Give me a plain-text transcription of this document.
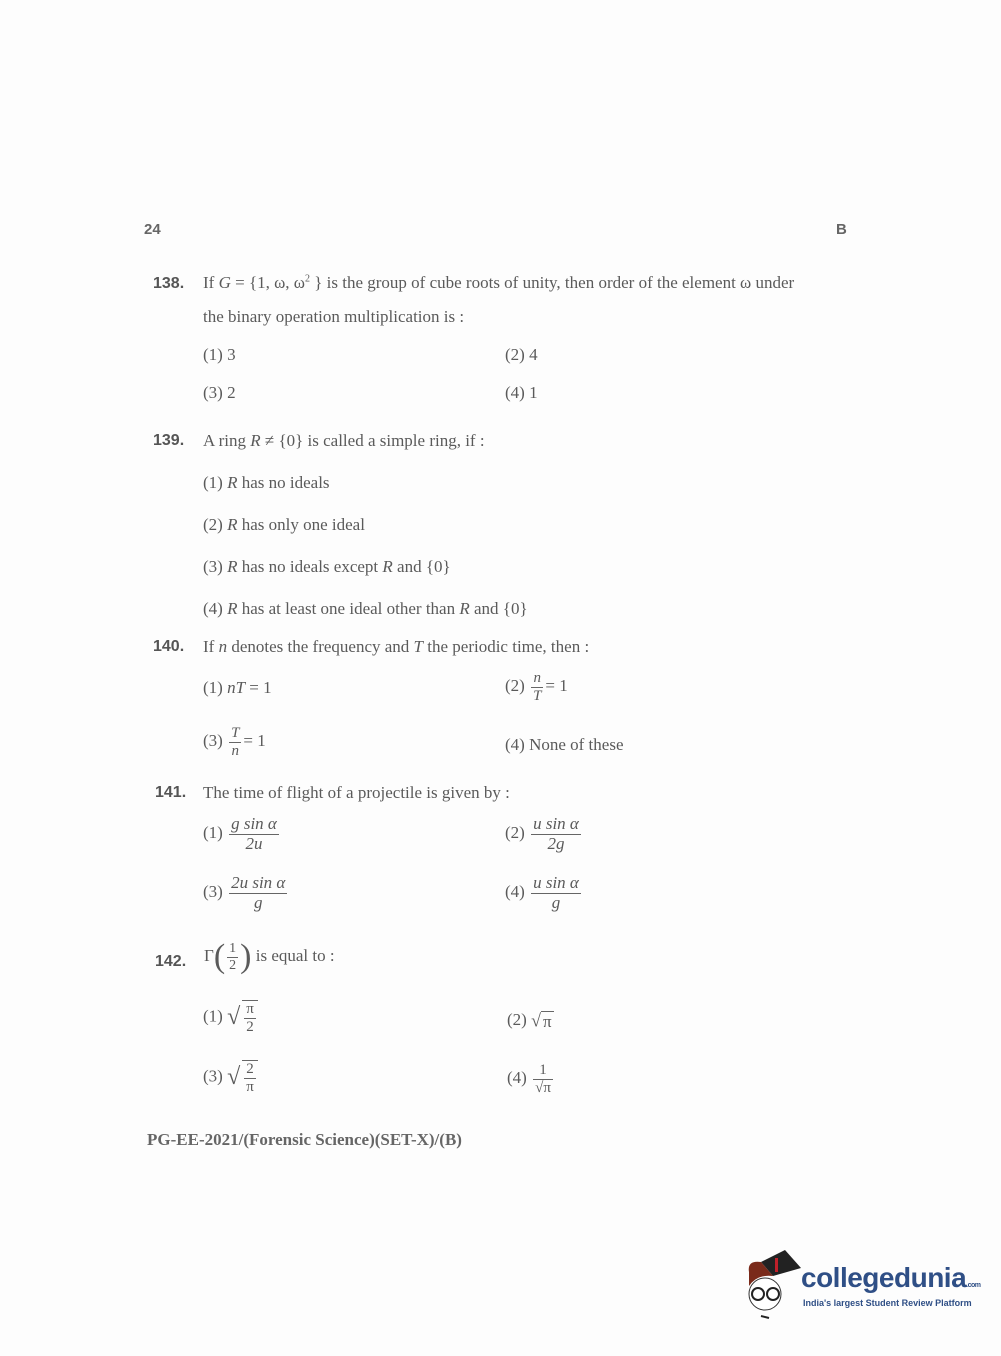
24	B
138. If G = {1, ω, $\omega^2$ } is the group of cube roots of unity, then order of the element ω under
the binary operation multiplication is :
(1) 3	(2) 4
(3) 2	(4) 1
139. A ring R ≠ {0} is called a simple ring, if :
(1) R has no ideals
(2) R has only one ideal
(3) R has no ideals except R and {0}
(4) R has at least one ideal other than R and {0}
140. If n denotes the frequency and T the periodic time, then :
(1) nT = 1	$(2) \frac{n}{T} = 1$
$(3) \frac{T}{n} = 1$	(4) None of these
141. The time of flight of a projectile is given by :
$(1) \frac{\text{g sin α}}{2u}$	$(2) \frac{\text{u sin α}}{2g}$
$(3) \frac{\text{2u sin α}}{g}$	$(4) \frac{\text{u sin α}}{g}$
142. $\Gamma( \frac{1}{2}$ ) is equal to :
(1) √ $\frac{\pi}{2}$	(2) √ π
(3) √ $\frac{2}{\pi}$	$(4) \frac{1}{√\pi}$
PG-EE-2021/(Forensic Science)(SET-X)/(B)
collegedunia.com
India's largest Student Review Platform
